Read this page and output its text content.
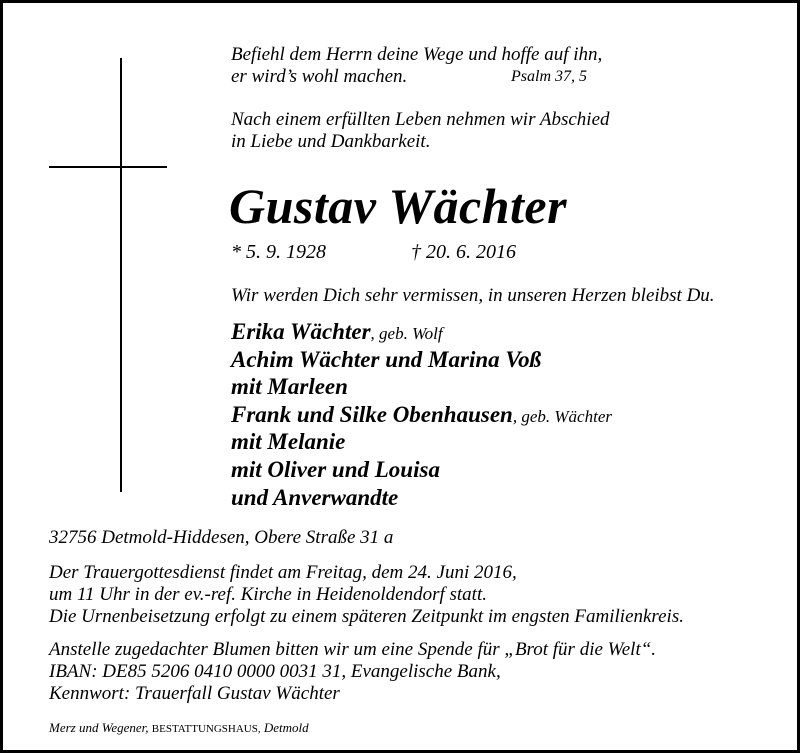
Befiehl dem Herrn deine Wege und hoffe auf ihn,
er wird’s wohl machen.	Psalm 37, 5
Nach einem erfüllten Leben nehmen wir Abschied
in Liebe und Dankbarkeit.
Gustav Wächter
* 5. 9. 1928	† 20. 6. 2016
Wir werden Dich sehr vermissen, in unseren Herzen bleibst Du.
Erika Wächter, geb. Wolf
Achim Wächter und Marina Voß
mit Marleen
Frank und Silke Obenhausen, geb. Wächter
mit Melanie
mit Oliver und Louisa
und Anverwandte
32756 Detmold-Hiddesen, Obere Straße 31 a
Der Trauergottesdienst findet am Freitag, dem 24. Juni 2016,
um 11 Uhr in der ev.-ref. Kirche in Heidenoldendorf statt.
Die Urnenbeisetzung erfolgt zu einem späteren Zeitpunkt im engsten Familienkreis.
Anstelle zugedachter Blumen bitten wir um eine Spende für „Brot für die Welt“.
IBAN: DE85 5206 0410 0000 0031 31, Evangelische Bank,
Kennwort: Trauerfall Gustav Wächter
Merz und Wegener, BESTATTUNGSHAUS, Detmold
